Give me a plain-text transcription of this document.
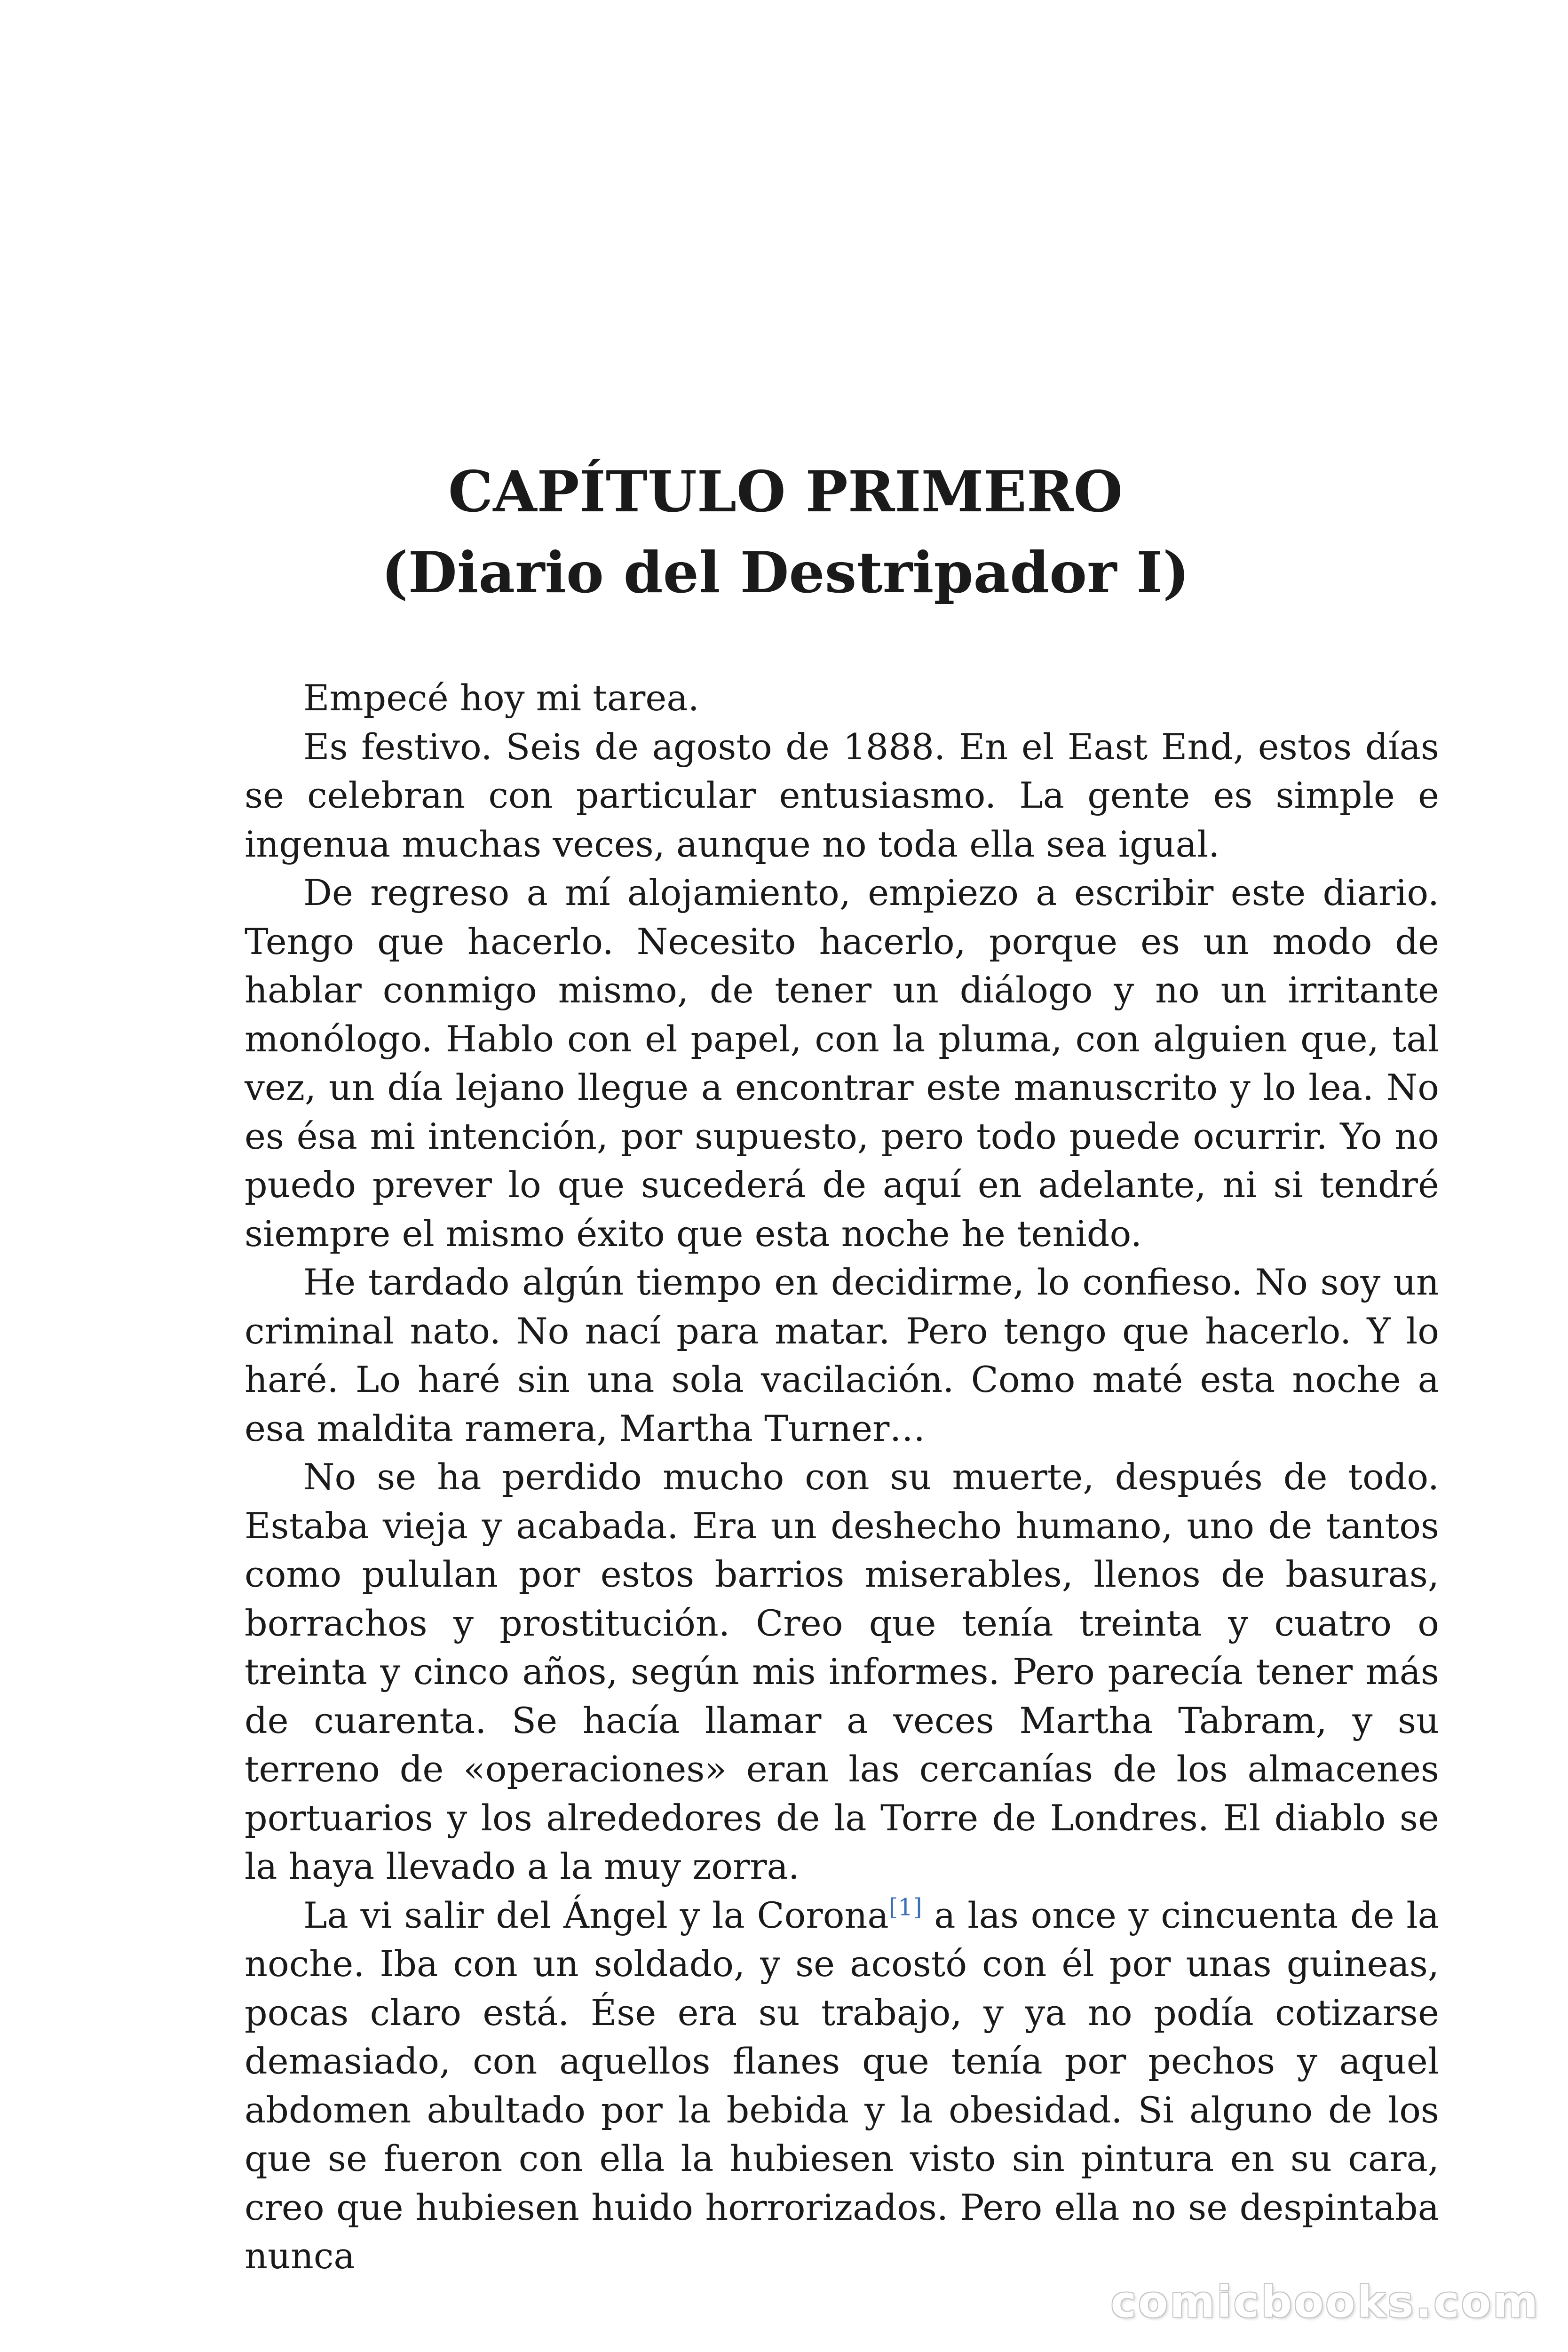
CAPÍTULO PRIMERO
(Diario del Destripador I)

Empecé hoy mi tarea.

Es festivo. Seis de agosto de 1888. En el East End, estos días se celebran con particular entusiasmo. La gente es simple e ingenua muchas veces, aunque no toda ella sea igual.

De regreso a mí alojamiento, empiezo a escribir este diario. Tengo que hacerlo. Necesito hacerlo, porque es un modo de hablar conmigo mismo, de tener un diálogo y no un irritante monólogo. Hablo con el papel, con la pluma, con alguien que, tal vez, un día lejano llegue a encontrar este manuscrito y lo lea. No es ésa mi intención, por supuesto, pero todo puede ocurrir. Yo no puedo prever lo que sucederá de aquí en adelante, ni si tendré siempre el mismo éxito que esta noche he tenido.

He tardado algún tiempo en decidirme, lo confieso. No soy un criminal nato. No nací para matar. Pero tengo que hacerlo. Y lo haré. Lo haré sin una sola vacilación. Como maté esta noche a esa maldita ramera, Martha Turner…

No se ha perdido mucho con su muerte, después de todo. Estaba vieja y acabada. Era un deshecho humano, uno de tantos como pululan por estos barrios miserables, llenos de basuras, borrachos y prostitución. Creo que tenía treinta y cuatro o treinta y cinco años, según mis informes. Pero parecía tener más de cuarenta. Se hacía llamar a veces Martha Tabram, y su terreno de «operaciones» eran las cercanías de los almacenes portuarios y los alrededores de la Torre de Londres. El diablo se la haya llevado a la muy zorra.

La vi salir del Ángel y la Corona[1] a las once y cincuenta de la noche. Iba con un soldado, y se acostó con él por unas guineas, pocas claro está. Ése era su trabajo, y ya no podía cotizarse demasiado, con aquellos flanes que tenía por pechos y aquel abdomen abultado por la bebida y la obesidad. Si alguno de los que se fueron con ella la hubiesen visto sin pintura en su cara, creo que hubiesen huido horrorizados. Pero ella no se despintaba nunca

comicbooks.com
